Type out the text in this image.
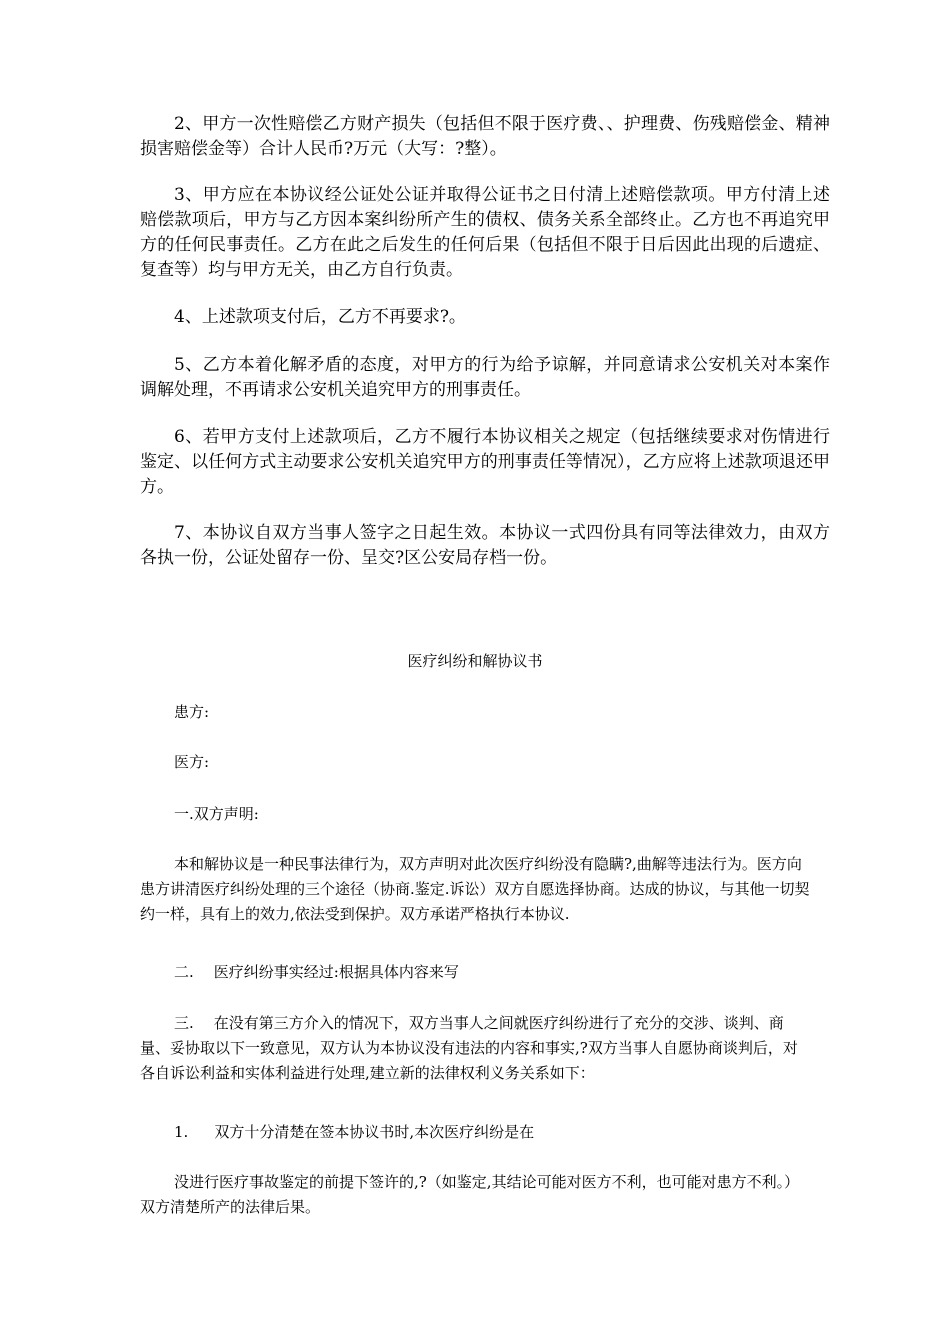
2、甲方一次性赔偿乙方财产损失（包括但不限于医疗费、、护理费、伤残赔偿金、精神损害赔偿金等）合计人民币?万元（大写：?整）。

3、甲方应在本协议经公证处公证并取得公证书之日付清上述赔偿款项。甲方付清上述赔偿款项后，甲方与乙方因本案纠纷所产生的债权、债务关系全部终止。乙方也不再追究甲方的任何民事责任。乙方在此之后发生的任何后果（包括但不限于日后因此出现的后遗症、复查等）均与甲方无关，由乙方自行负责。

4、上述款项支付后，乙方不再要求?。

5、乙方本着化解矛盾的态度，对甲方的行为给予谅解，并同意请求公安机关对本案作调解处理，不再请求公安机关追究甲方的刑事责任。

6、若甲方支付上述款项后，乙方不履行本协议相关之规定（包括继续要求对伤情进行鉴定、以任何方式主动要求公安机关追究甲方的刑事责任等情况），乙方应将上述款项退还甲方。

7、本协议自双方当事人签字之日起生效。本协议一式四份具有同等法律效力，由双方各执一份，公证处留存一份、呈交?区公安局存档一份。

医疗纠纷和解协议书

患方:

医方:

一.双方声明:

本和解协议是一种民事法律行为，双方声明对此次医疗纠纷没有隐瞒?,曲解等违法行为。医方向患方讲清医疗纠纷处理的三个途径（协商.鉴定.诉讼）双方自愿选择协商。达成的协议，与其他一切契约一样，具有上的效力,依法受到保护。双方承诺严格执行本协议.

二. 医疗纠纷事实经过:根据具体内容来写

三. 在没有第三方介入的情况下，双方当事人之间就医疗纠纷进行了充分的交涉、谈判、商量、妥协取以下一致意见，双方认为本协议没有违法的内容和事实,?双方当事人自愿协商谈判后，对各自诉讼利益和实体利益进行处理,建立新的法律权利义务关系如下：

1. 双方十分清楚在签本协议书时,本次医疗纠纷是在

没进行医疗事故鉴定的前提下签许的,?（如鉴定,其结论可能对医方不利，也可能对患方不利。）双方清楚所产的法律后果。
